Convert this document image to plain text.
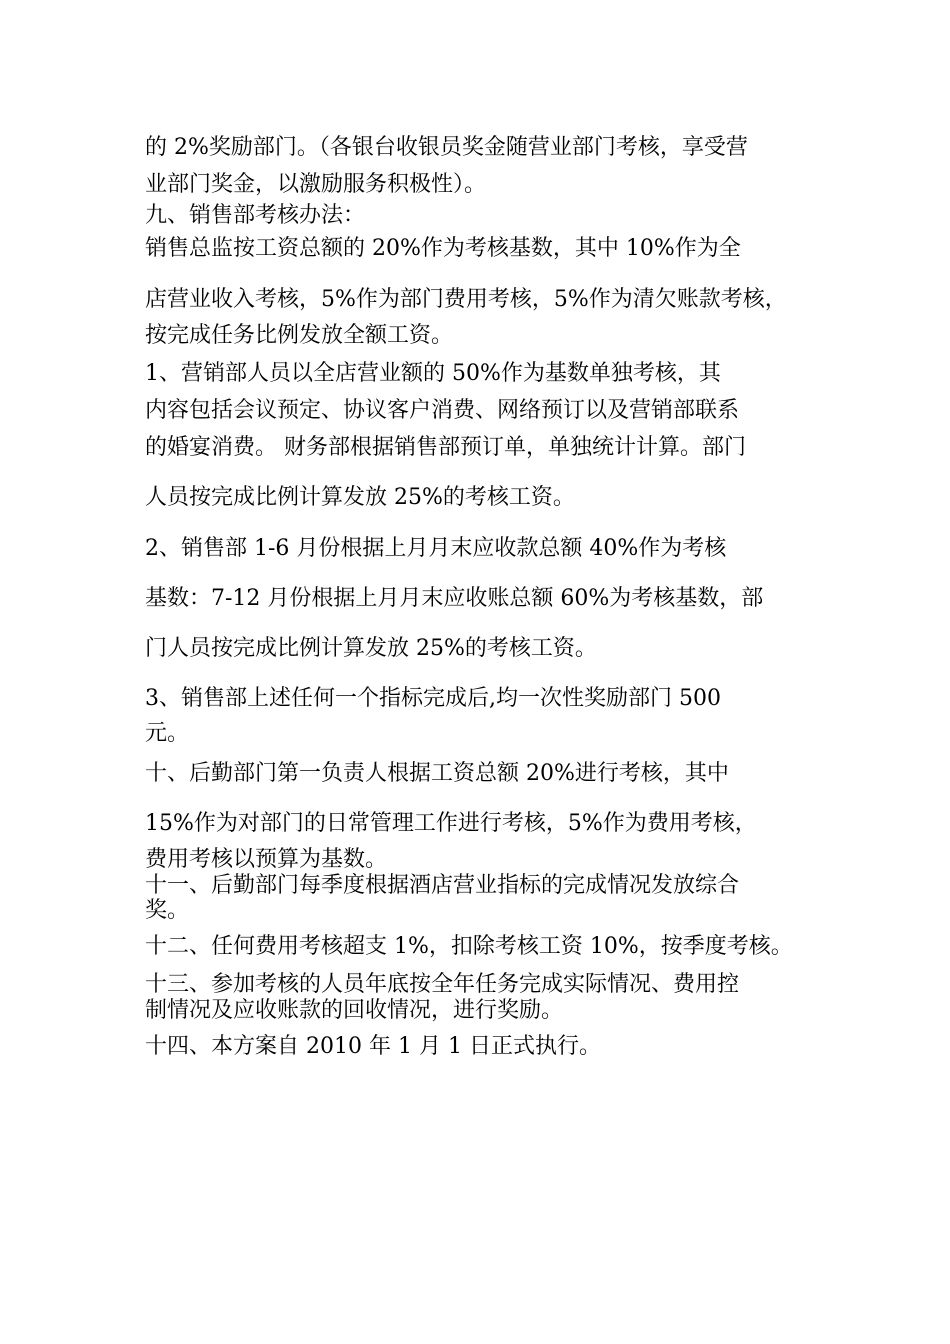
的 2%奖励部门。（各银台收银员奖金随营业部门考核，享受营

业部门奖金，以激励服务积极性）。

九、销售部考核办法：

销售总监按工资总额的 20%作为考核基数，其中 10%作为全

店营业收入考核，5%作为部门费用考核，5%作为清欠账款考核，

按完成任务比例发放全额工资。

1、营销部人员以全店营业额的 50%作为基数单独考核，其

内容包括会议预定、协议客户消费、网络预订以及营销部联系

的婚宴消费。 财务部根据销售部预订单，单独统计计算。部门

人员按完成比例计算发放 25%的考核工资。

2、销售部 1-6 月份根据上月月末应收款总额 40%作为考核

基数：7-12 月份根据上月月末应收账总额 60%为考核基数，部

门人员按完成比例计算发放 25%的考核工资。

3、销售部上述任何一个指标完成后,均一次性奖励部门 500

元。

十、后勤部门第一负责人根据工资总额 20%进行考核，其中

15%作为对部门的日常管理工作进行考核，5%作为费用考核，

费用考核以预算为基数。

十一、后勤部门每季度根据酒店营业指标的完成情况发放综合

奖。

十二、任何费用考核超支 1%，扣除考核工资 10%，按季度考核。

十三、参加考核的人员年底按全年任务完成实际情况、费用控

制情况及应收账款的回收情况，进行奖励。

十四、本方案自 2010 年 1 月 1 日正式执行。
